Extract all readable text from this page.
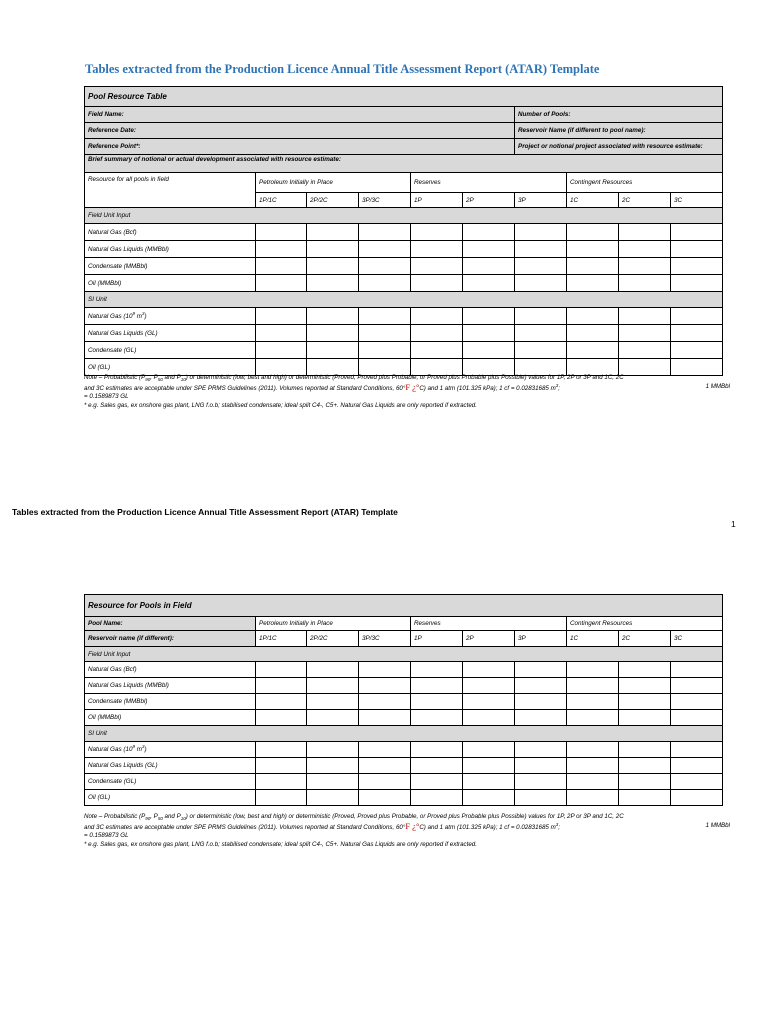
Tables extracted from the Production Licence Annual Title Assessment Report (ATAR) Template
Pool Resource Table									
Field Name:						Number of Pools:			
Reference Date:						Reservoir Name (if different to pool name):			
Reference Point*:						Project or notional project associated with resource estimate:			
Brief summary of notional or actual development associated with resource estimate:									
Resource for all pools in field	Petroleum Initially in Place			Reserves			Contingent Resources		
	1P/1C	2P/2C	3P/3C	1P	2P	3P	1C	2C	3C
Field Unit Input									
Natural Gas (Bcf)									
Natural Gas Liquids (MMBbl)									
Condensate (MMBbl)									
Oil (MMBbl)									
SI Unit									
Natural Gas ($10^9$ $m^3$)									
Natural Gas Liquids (GL)									
Condensate (GL)									
Oil (GL)									
Note – Probabilistic ($P_{90}$, $P_{50}$ and $P_{10}$) or deterministic (low, best and high) or deterministic (Proved, Proved plus Probable, or Proved plus Probable plus Possible) values for 1P, 2P or 3P and 1C, 2C
and 3C estimates are acceptable under SPE PRMS Guidelines (2011). Volumes reported at Standard Conditions, 60°F ¿°C) and 1 atm (101.325 kPa); 1 cf = 0.02831685 $m^3$;	1 MMBbl
= 0.1589873 GL
* e.g. Sales gas, ex onshore gas plant, LNG f.o.b; stabilised condensate; ideal split C4-, C5+. Natural Gas Liquids are only reported if extracted.
Tables extracted from the Production Licence Annual Title Assessment Report (ATAR) Template
1
Resource for Pools in Field									
Pool Name:	Petroleum Initially in Place			Reserves			Contingent Resources		
Reservoir name (if different):	1P/1C	2P/2C	3P/3C	1P	2P	3P	1C	2C	3C
Field Unit Input									
Natural Gas (Bcf)									
Natural Gas Liquids (MMBbl)									
Condensate (MMBbl)									
Oil (MMBbl)									
SI Unit									
Natural Gas ($10^9$ $m^3$)									
Natural Gas Liquids (GL)									
Condensate (GL)									
Oil (GL)									
Note – Probabilistic ($P_{90}$, $P_{50}$ and $P_{10}$) or deterministic (low, best and high) or deterministic (Proved, Proved plus Probable, or Proved plus Probable plus Possible) values for 1P, 2P or 3P and 1C, 2C
and 3C estimates are acceptable under SPE PRMS Guidelines (2011). Volumes reported at Standard Conditions, 60°F ¿°C) and 1 atm (101.325 kPa); 1 cf = 0.02831685 $m^3$;	1 MMBbl
= 0.1589873 GL
* e.g. Sales gas, ex onshore gas plant, LNG f.o.b; stabilised condensate; ideal split C4-, C5+. Natural Gas Liquids are only reported if extracted.
